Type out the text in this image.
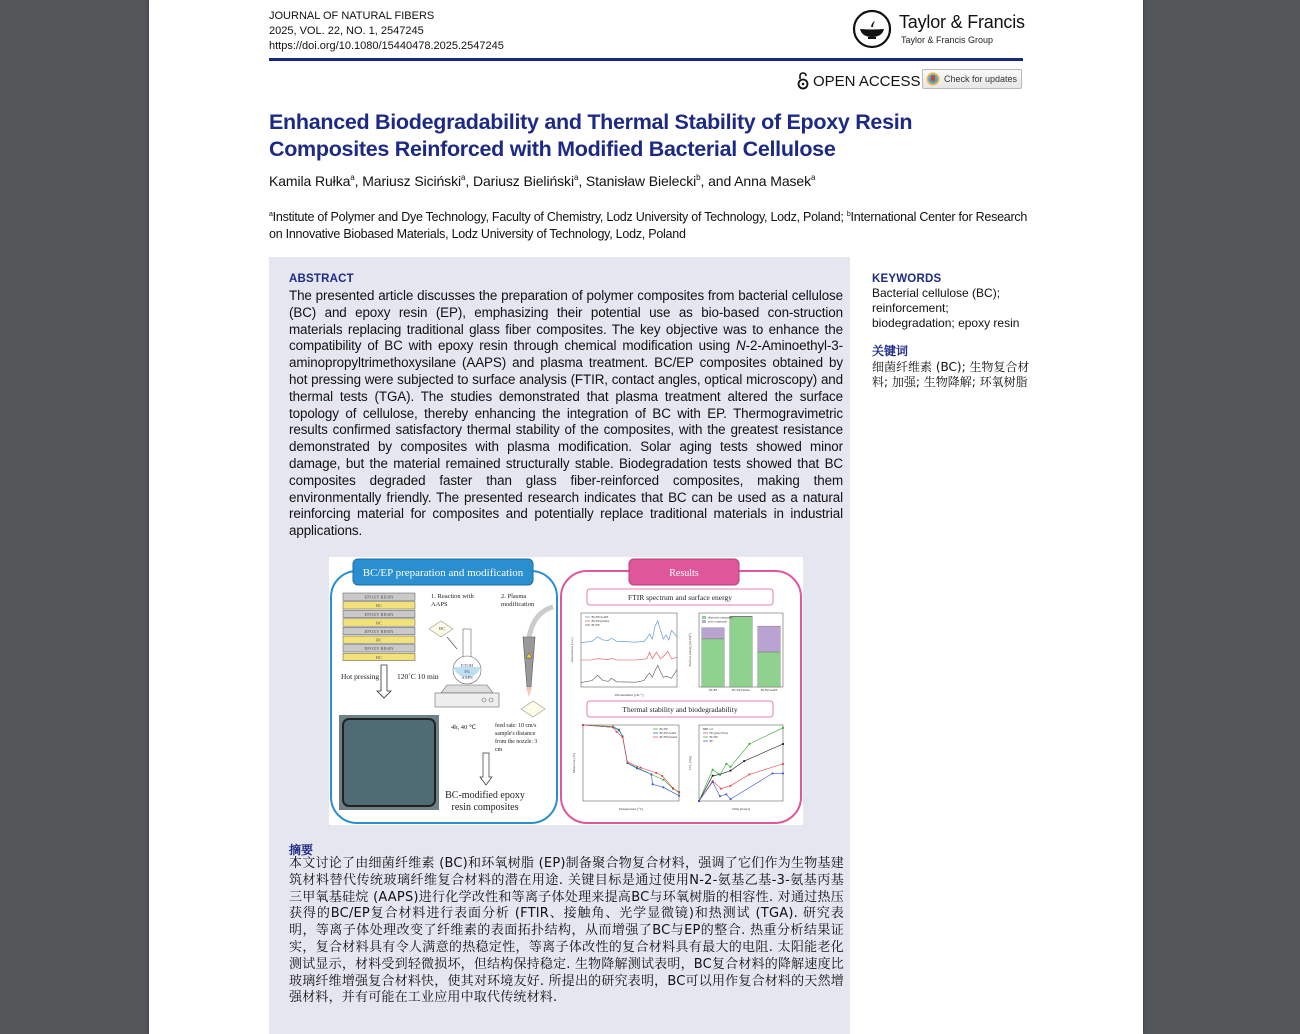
JOURNAL OF NATURAL FIBERS
2025, VOL. 22, NO. 1, 2547245
https://doi.org/10.1080/15440478.2025.2547245
Taylor & Francis
Taylor & Francis Group
OPEN ACCESS	Check for updates
Enhanced Biodegradability and Thermal Stability of Epoxy Resin
Composites Reinforced with Modified Bacterial Cellulose
Kamila Rułka$^a$, Mariusz Siciński$^a$, Dariusz Bieliński$^a$, Stanisław Bielecki$^b$, and Anna Masek$^a$
$^a$Institute of Polymer and Dye Technology, Faculty of Chemistry, Lodz University of Technology, Lodz, Poland; $^b$International Center for Research on Innovative Biobased Materials, Lodz University of Technology, Lodz, Poland
ABSTRACT
The presented article discusses the preparation of polymer composites from bacterial cellulose (BC) and epoxy resin (EP), emphasizing their potential use as bio-based con-struction materials replacing traditional glass fiber composites. The key objective was to enhance the compatibility of BC with epoxy resin through chemical modification using N-2-Aminoethyl-3-aminopropyltrimethoxysilane (AAPS) and plasma treatment. BC/EP composites obtained by hot pressing were subjected to surface analysis (FTIR, contact angles, optical microscopy) and thermal tests (TGA). The studies demonstrated that plasma treatment altered the surface topology of cellulose, thereby enhancing the integration of BC with EP. Thermogravimetric results confirmed satisfactory thermal stability of the composites, with the greatest resistance demonstrated by composites with plasma modification. Solar aging tests showed minor damage, but the material remained structurally stable. Biodegradation tests showed that BC composites degraded faster than glass fiber-reinforced composites, making them environmentally friendly. The presented research indicates that BC can be used as a natural reinforcing material for composites and potentially replace traditional materials in industrial applications.
BC/EP preparation and modification
EPOXY RESIN
BC
EPOXY RESIN
BC
EPOXY RESIN
BC
EPOXY RESIN
BC
Hot pressing 120˚C 10 min
1. Reaction with
AAPS
BC
ETOH
3%
AAPS
4h, 40 ℃
2. Plasma
modification
feed rate: 10 cm/s
sample's distance
from the nozzle: 3
cm
BC-modified epoxy
resin composites
Results
FTIR spectrum and surface energy
Thermal stability and biodegradability
Wavenumber [cm⁻¹]
Absorbance [a.u.]
BC/EP/AAPS
BC/EP/plasma
BC/EP
Surface energy [mJ/m²]
BC/EP	BC/EP/plasma	BC/EP/AAPS
dispersive component
polar component
Temperature [°C]
Mass loss [%]
BC/EP
BC/EP/AAPS
BC/EP/plasma
Time [hours]
CO₂ [mg]
ref
EP (glass fiber)
BC/EP
BC
摘要
本文讨论了由细菌纤维素 (BC)和环氧树脂 (EP)制备聚合物复合材料，强调了它们作为生物基建筑材料替代传统玻璃纤维复合材料的潜在用途. 关键目标是通过使用N-2-氨基乙基-3-氨基丙基三甲氧基硅烷 (AAPS)进行化学改性和等离子体处理来提高BC与环氧树脂的相容性. 对通过热压获得的BC/EP复合材料进行表面分析 (FTIR、接触角、光学显微镜)和热测试 (TGA). 研究表明，等离子体处理改变了纤维素的表面拓扑结构，从而增强了BC与EP的整合. 热重分析结果证实，复合材料具有令人满意的热稳定性，等离子体改性的复合材料具有最大的电阻. 太阳能老化测试显示，材料受到轻微损坏，但结构保持稳定. 生物降解测试表明，BC复合材料的降解速度比玻璃纤维增强复合材料快，使其对环境友好. 所提出的研究表明，BC可以用作复合材料的天然增强材料，并有可能在工业应用中取代传统材料.
KEYWORDS
Bacterial cellulose (BC); reinforcement; biodegradation; epoxy resin
关键词
细菌纤维素 (BC); 生物复合材料; 加强; 生物降解; 环氧树脂
